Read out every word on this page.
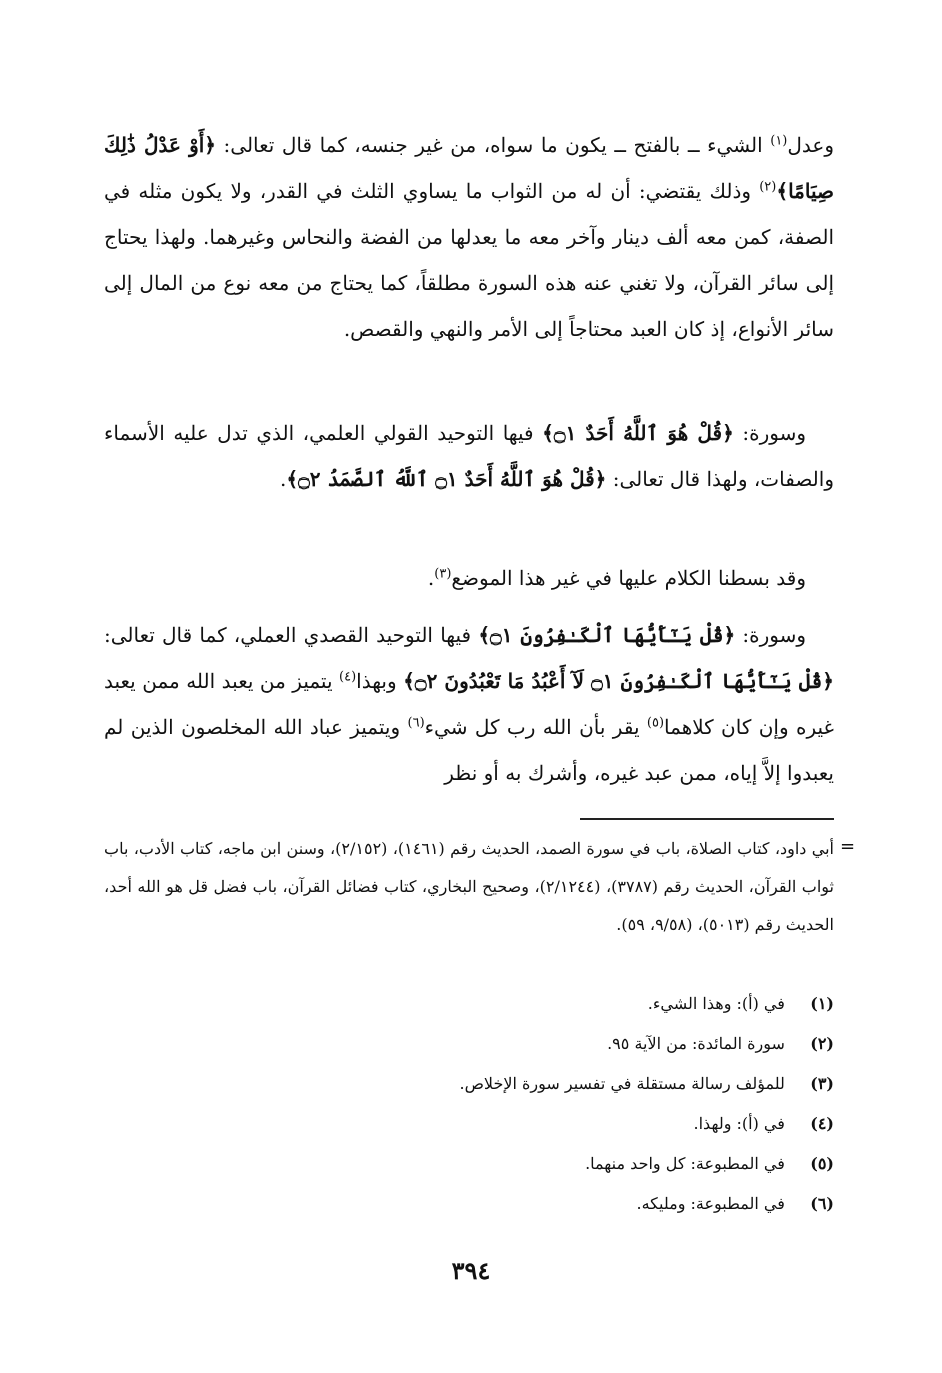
وعدل$^{(١)}$ الشيء ــ بالفتح ــ يكون ما سواه، من غير جنسه، كما قال تعالى: ﴿أَوْ عَدْلُ ذَٰلِكَ صِيَامًا﴾$^{(٢)}$ وذلك يقتضي: أن له من الثواب ما يساوي الثلث في القدر، ولا يكون مثله في الصفة، كمن معه ألف دينار وآخر معه ما يعدلها من الفضة والنحاس وغيرهما. ولهذا يحتاج إلى سائر القرآن، ولا تغني عنه هذه السورة مطلقاً، كما يحتاج من معه نوع من المال إلى سائر الأنواع، إذ كان العبد محتاجاً إلى الأمر والنهي والقصص.

وسورة: ﴿قُلْ هُوَ ٱللَّهُ أَحَدٌ ۝١﴾ فيها التوحيد القولي العلمي، الذي تدل عليه الأسماء والصفات، ولهذا قال تعالى: ﴿قُلْ هُوَ ٱللَّهُ أَحَدٌ ۝١ ٱللَّهُ ٱلصَّمَدُ ۝٢﴾.

وقد بسطنا الكلام عليها في غير هذا الموضع$^{(٣)}$.

وسورة: ﴿قُلْ يَـٰٓأَيُّهَا ٱلْكَـٰفِرُونَ ۝١﴾ فيها التوحيد القصدي العملي، كما قال تعالى: ﴿قُلْ يَـٰٓأَيُّهَا ٱلْكَـٰفِرُونَ ۝١ لَآ أَعْبُدُ مَا تَعْبُدُونَ ۝٢﴾ وبهذا$^{(٤)}$ يتميز من يعبد الله ممن يعبد غيره وإن كان كلاهما$^{(٥)}$ يقر بأن الله رب كل شيء$^{(٦)}$ ويتميز عباد الله المخلصون الذين لم يعبدوا إلاَّ إياه، ممن عبد غيره، وأشرك به أو نظر

=

أبي داود، كتاب الصلاة، باب في سورة الصمد، الحديث رقم (١٤٦١)، (٢/١٥٢)، وسنن ابن ماجه، كتاب الأدب، باب ثواب القرآن، الحديث رقم (٣٧٨٧)، (٢/١٢٤٤)، وصحيح البخاري، كتاب فضائل القرآن، باب فضل قل هو الله أحد، الحديث رقم (٥٠١٣)، (٩/٥٨، ٥٩).

(١) في (أ): وهذا الشيء.
(٢) سورة المائدة: من الآية ٩٥.
(٣) للمؤلف رسالة مستقلة في تفسير سورة الإخلاص.
(٤) في (أ): ولهذا.
(٥) في المطبوعة: كل واحد منهما.
(٦) في المطبوعة: ومليكه.
٣٩٤
